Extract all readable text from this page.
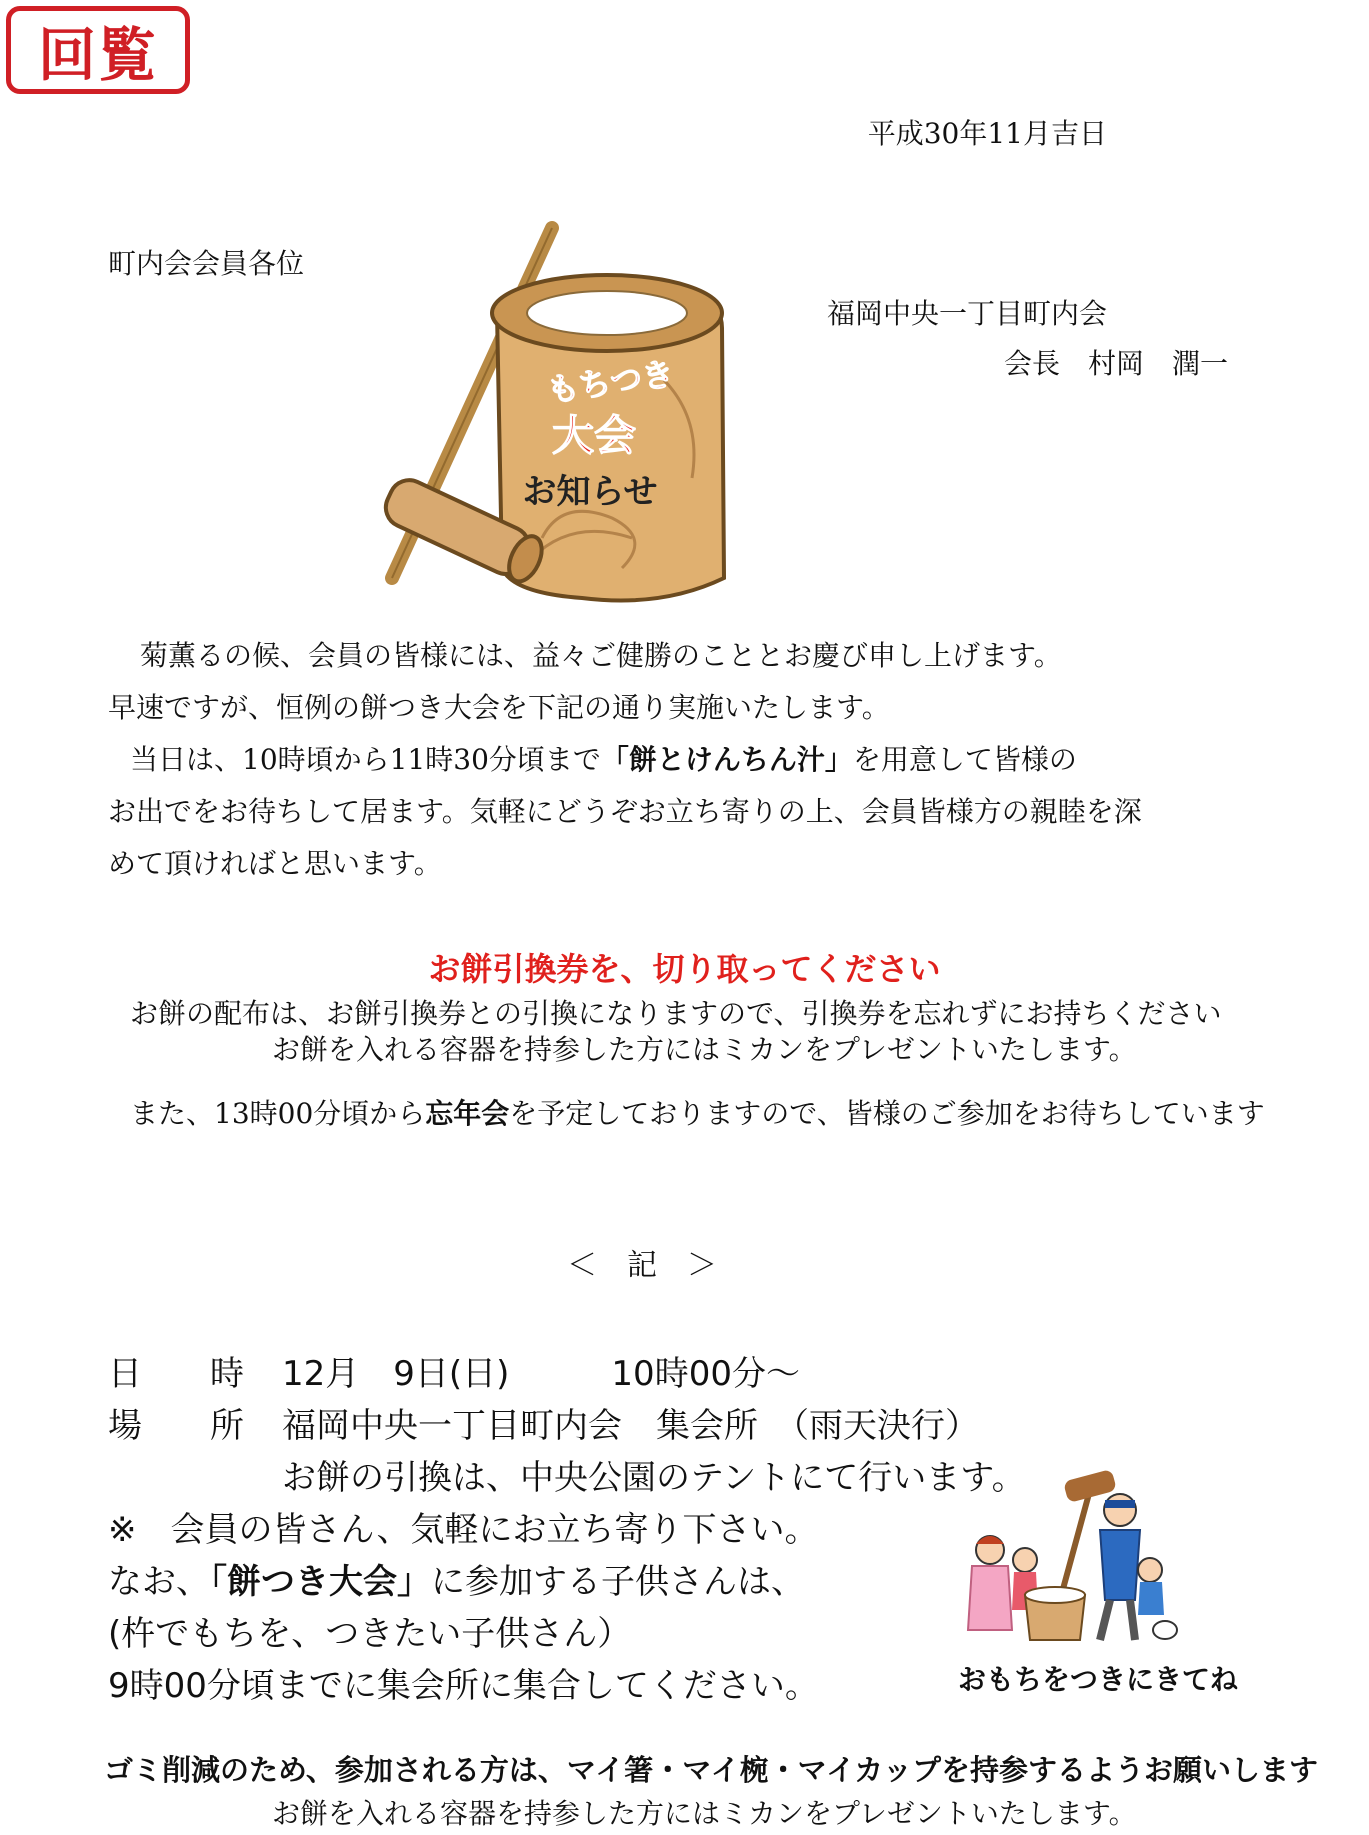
回覧
平成30年11月吉日
町内会会員各位
福岡中央一丁目町内会
会長　村岡　潤一
もちつき
大会
お知らせ
菊薫るの候、会員の皆様には、益々ご健勝のこととお慶び申し上げます。
早速ですが、恒例の餅つき大会を下記の通り実施いたします。
当日は、10時頃から11時30分頃まで「餅とけんちん汁」を用意して皆様の
お出でをお待ちして居ます。気軽にどうぞお立ち寄りの上、会員皆様方の親睦を深
めて頂ければと思います。
お餅引換券を、切り取ってください
お餅の配布は、お餅引換券との引換になりますので、引換券を忘れずにお持ちください
お餅を入れる容器を持参した方にはミカンをプレゼントいたします。
また、13時00分頃から忘年会を予定しておりますので、皆様のご参加をお待ちしています
＜　記　＞
日　　時 12月　9日(日)　　　10時00分～
場　　所 福岡中央一丁目町内会　集会所　（雨天決行）
お餅の引換は、中央公園のテントにて行います。
※　会員の皆さん、気軽にお立ち寄り下さい。
なお、「餅つき大会」に参加する子供さんは、
(杵でもちを、つきたい子供さん）
9時00分頃までに集会所に集合してください。	おもちをつきにきてね
ゴミ削減のため、参加される方は、マイ箸・マイ椀・マイカップを持参するようお願いします
お餅を入れる容器を持参した方にはミカンをプレゼントいたします。
